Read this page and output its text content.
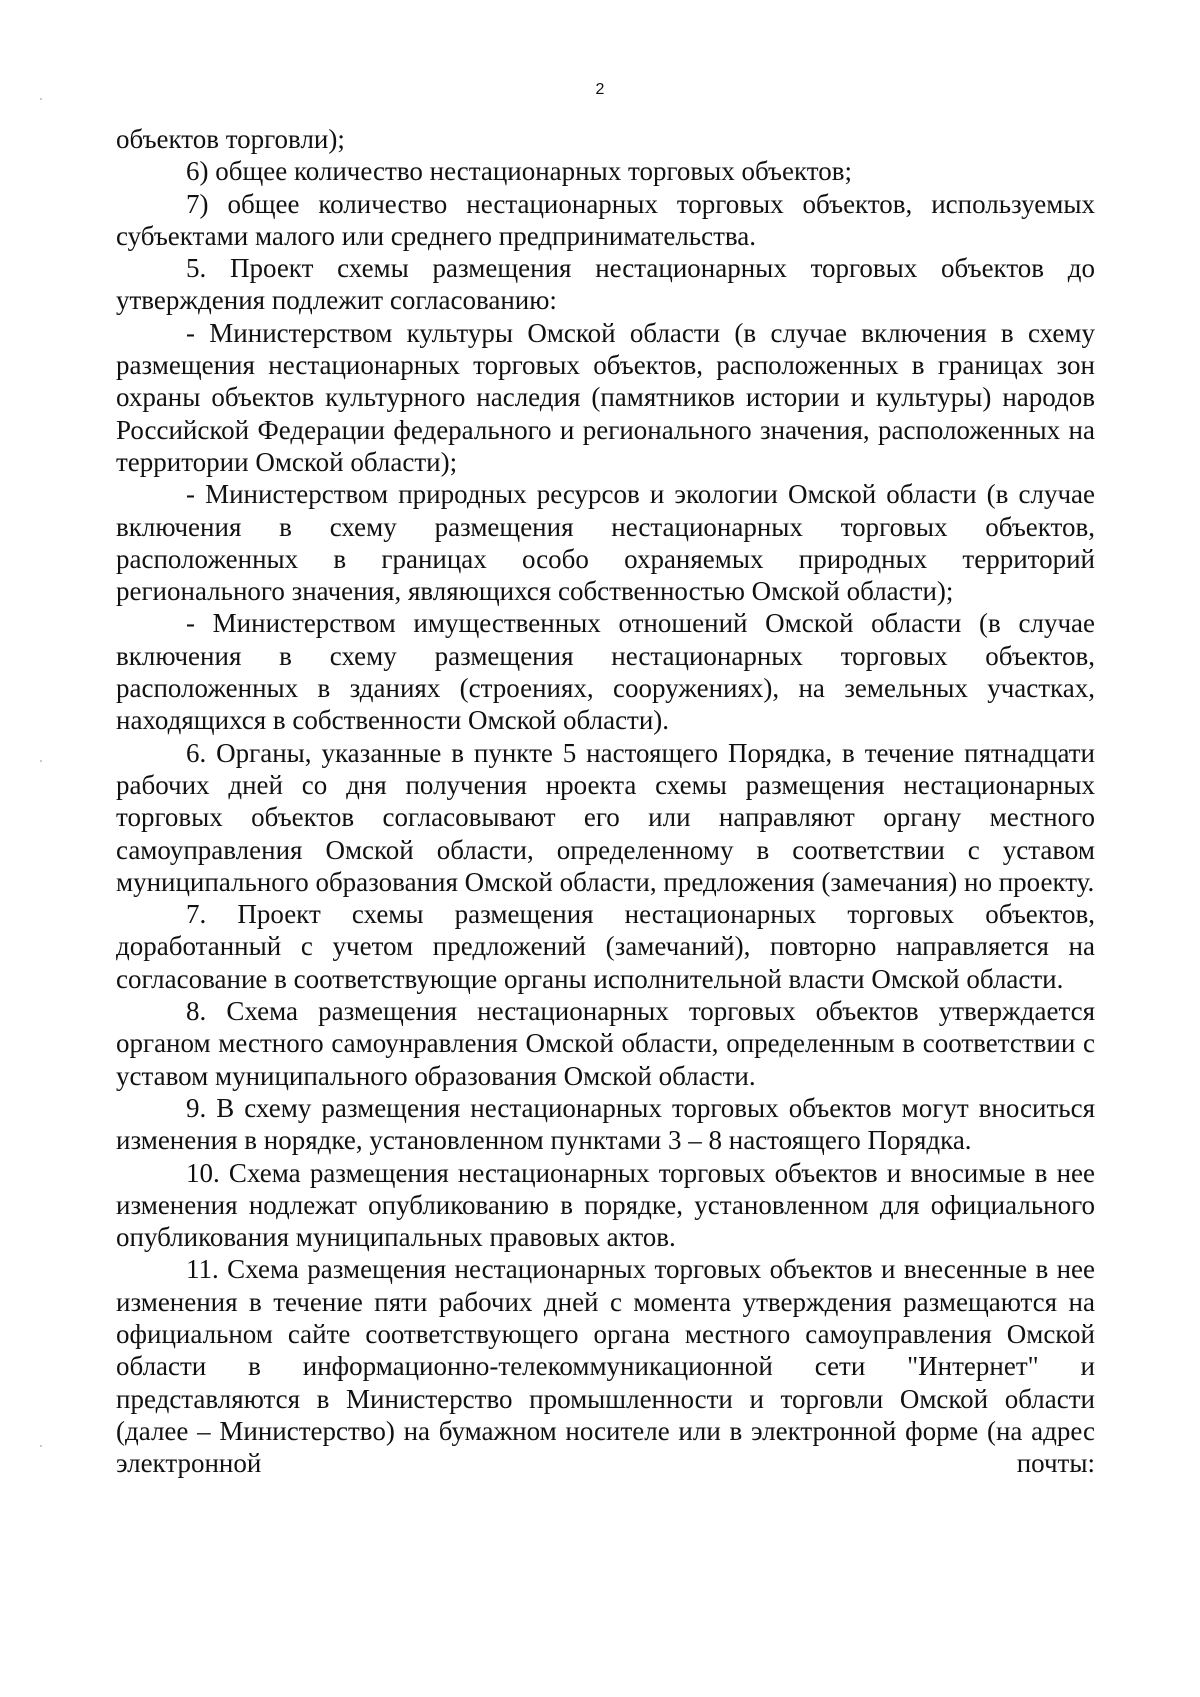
2

объектов торговли);

6) общее количество нестационарных торговых объектов;

7) общее количество нестационарных торговых объектов, используемых субъектами малого или среднего предпринимательства.

5. Проект схемы размещения нестационарных торговых объектов до утверждения подлежит согласованию:

- Министерством культуры Омской области (в случае включения в схему размещения нестационарных торговых объектов, расположенных в границах зон охраны объектов культурного наследия (памятников истории и культуры) народов Российской Федерации федерального и регионального значения, расположенных на территории Омской области);

- Министерством природных ресурсов и экологии Омской области (в случае включения в схему размещения нестационарных торговых объектов, расположенных в границах особо охраняемых природных территорий регионального значения, являющихся собственностью Омской области);

- Министерством имущественных отношений Омской области (в случае включения в схему размещения нестационарных торговых объектов, расположенных в зданиях (строениях, сооружениях), на земельных участках, находящихся в собственности Омской области).

6. Органы, указанные в пункте 5 настоящего Порядка, в течение пятнадцати рабочих дней со дня получения нроекта схемы размещения нестационарных торговых объектов согласовывают его или направляют органу местного самоуправления Омской области, определенному в соответствии с уставом муниципального образования Омской области, предложения (замечания) но проекту.

7. Проект схемы размещения нестационарных торговых объектов, доработанный с учетом предложений (замечаний), повторно направляется на согласование в соответствующие органы исполнительной власти Омской области.

8. Схема размещения нестационарных торговых объектов утверждается органом местного самоунравления Омской области, определенным в соответствии с уставом муниципального образования Омской области.

9. В схему размещения нестационарных торговых объектов могут вноситься изменения в норядке, установленном пунктами 3 – 8 настоящего Порядка.

10. Схема размещения нестационарных торговых объектов и вносимые в нее изменения нодлежат опубликованию в порядке, установленном для официального опубликования муниципальных правовых актов.

11. Схема размещения нестационарных торговых объектов и внесенные в нее изменения в течение пяти рабочих дней с момента утверждения размещаются на официальном сайте соответствующего органа местного самоуправления Омской области в информационно-телекоммуникационной сети "Интернет" и представляются в Министерство промышленности и торговли Омской области (далее – Министерство) на бумажном носителе или в электронной форме (на адрес электронной почты:
